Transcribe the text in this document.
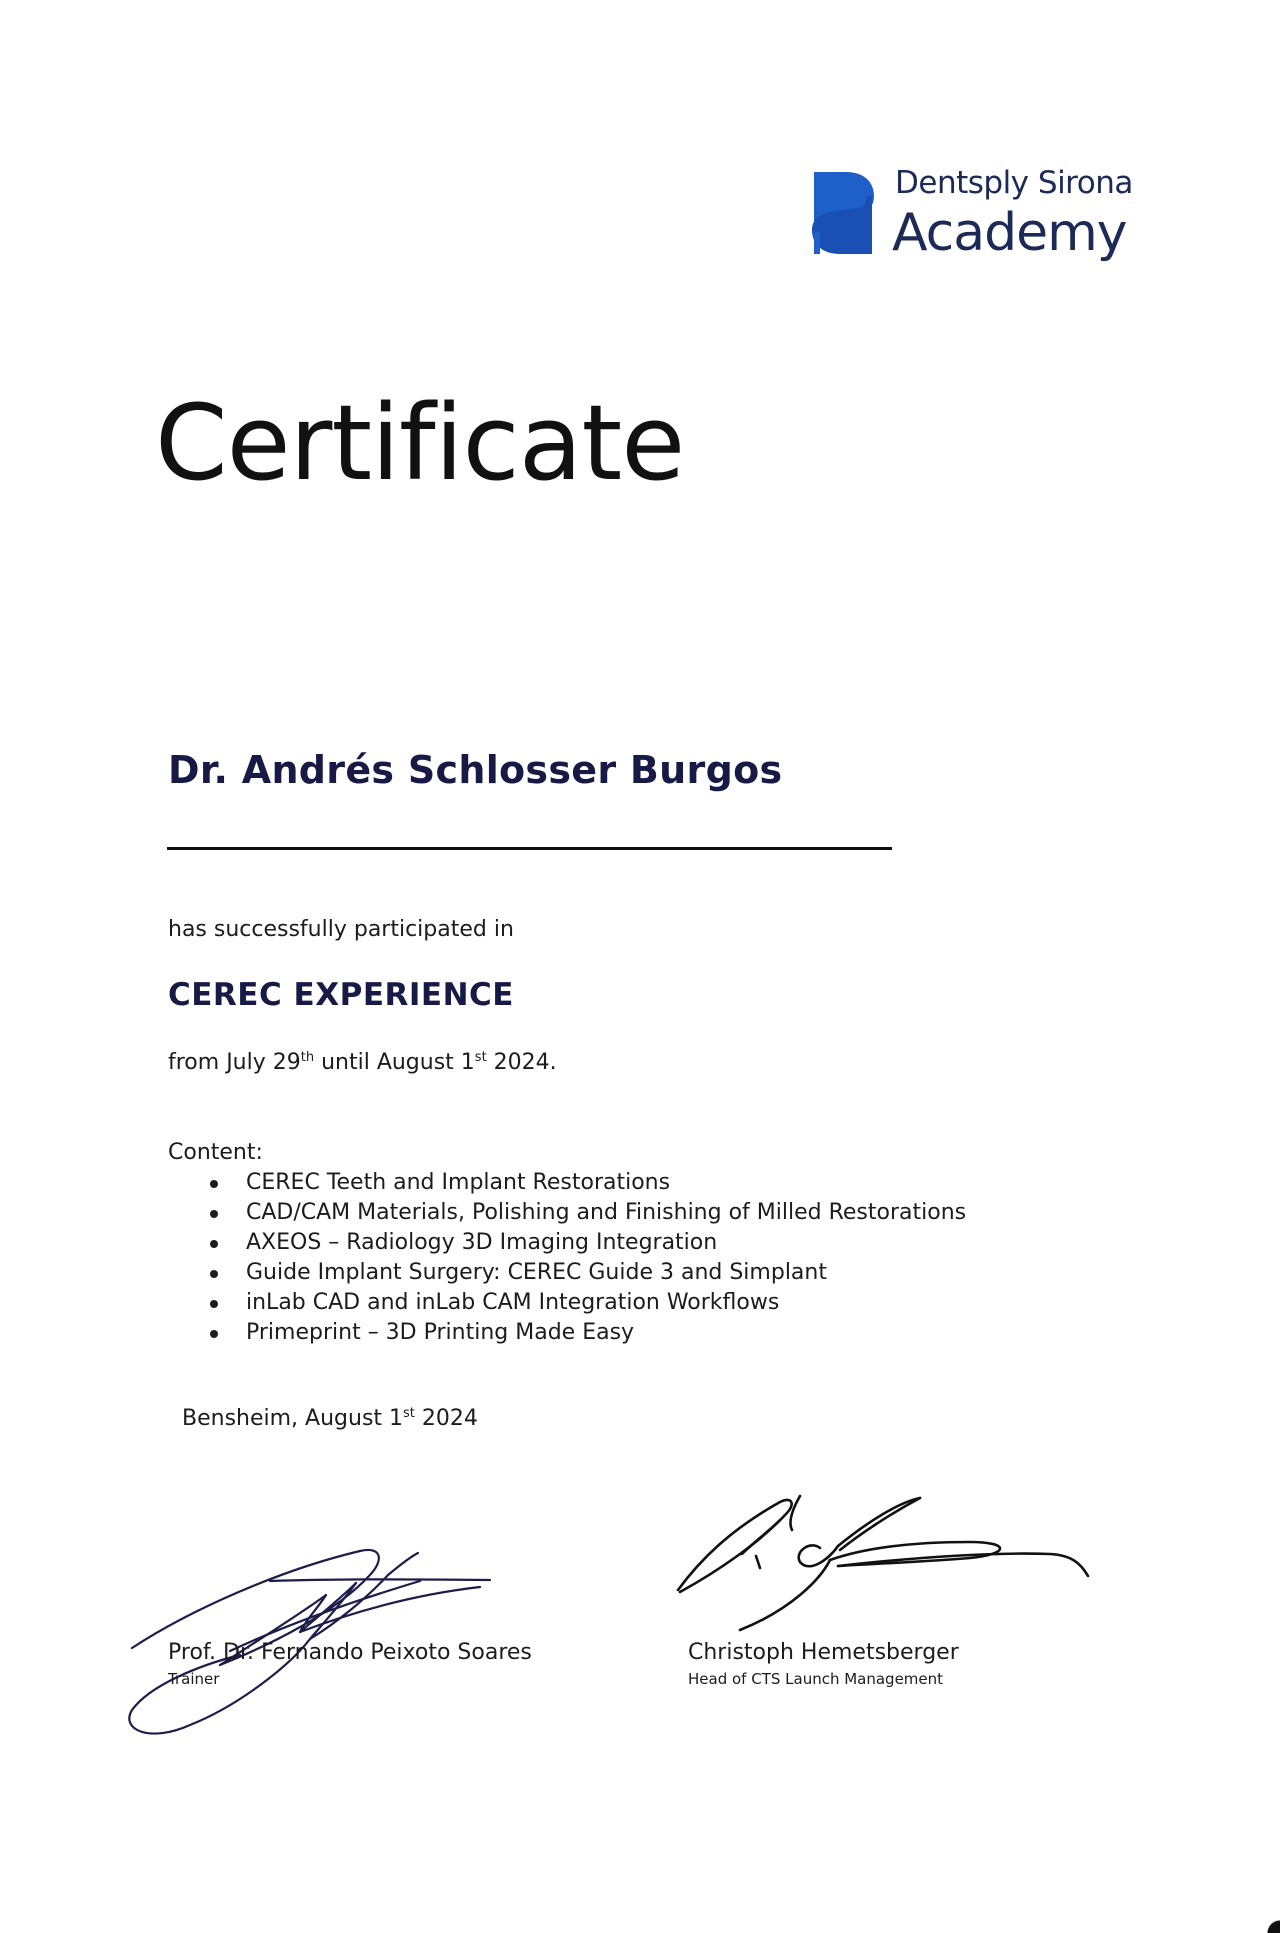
Dentsply Sirona
Academy
Certificate
Dr. Andrés Schlosser Burgos
has successfully participated in
CEREC EXPERIENCE
from July 29th until August 1st 2024.
Content:
CEREC Teeth and Implant Restorations
CAD/CAM Materials, Polishing and Finishing of Milled Restorations
AXEOS – Radiology 3D Imaging Integration
Guide Implant Surgery: CEREC Guide 3 and Simplant
inLab CAD and inLab CAM Integration Workflows
Primeprint – 3D Printing Made Easy
Bensheim, August 1st 2024
Prof. Dr. Fernando Peixoto Soares
Trainer
Christoph Hemetsberger
Head of CTS Launch Management
